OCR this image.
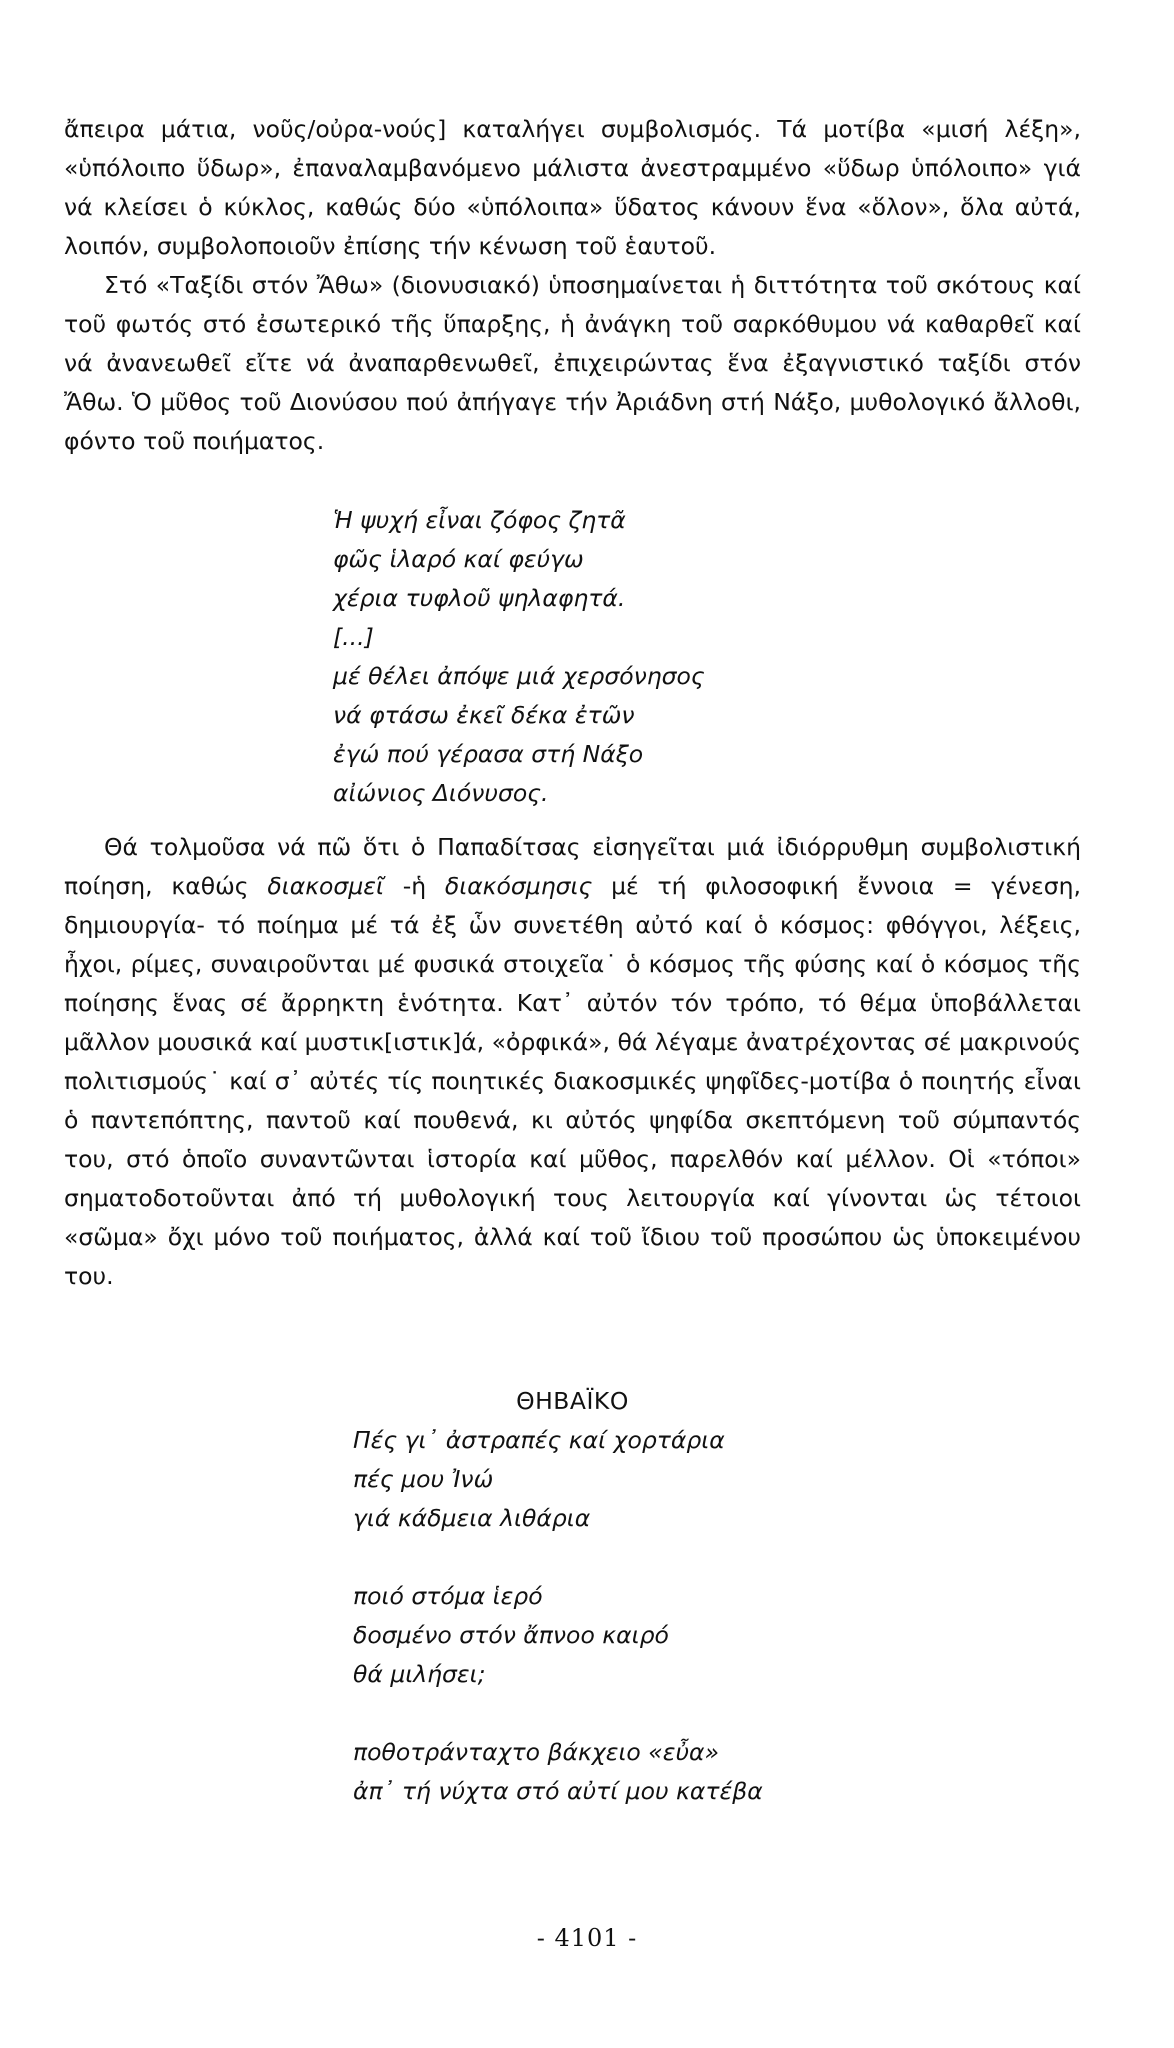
ἄπειρα μάτια, νοῦς/οὐρα-νούς] καταλήγει συμβολισμός. Τά μοτίβα «μισή λέξη», «ὑπόλοιπο ὕδωρ», ἐπαναλαμβανόμενο μάλιστα ἀνεστραμμένο «ὕδωρ ὑπόλοιπο» γιά νά κλείσει ὁ κύκλος, καθώς δύο «ὑπόλοιπα» ὕδατος κάνουν ἕνα «ὅλον», ὅλα αὐτά, λοιπόν, συμβολοποιοῦν ἐπίσης τήν κένωση τοῦ ἑαυτοῦ.

Στό «Ταξίδι στόν Ἄθω» (διονυσιακό) ὑποσημαίνεται ἡ διττότητα τοῦ σκότους καί τοῦ φωτός στό ἐσωτερικό τῆς ὕπαρξης, ἡ ἀνάγκη τοῦ σαρκόθυμου νά καθαρθεῖ καί νά ἀνανεωθεῖ εἴτε νά ἀναπαρθενωθεῖ, ἐπιχειρώντας ἕνα ἐξαγνιστικό ταξίδι στόν Ἄθω. Ὁ μῦθος τοῦ Διονύσου πού ἀπήγαγε τήν Ἀριάδνη στή Νάξο, μυθολογικό ἄλλοθι, φόντο τοῦ ποιήματος.

Ἡ ψυχή εἶναι ζόφος ζητᾶ
φῶς ἱλαρό καί φεύγω
χέρια τυφλοῦ ψηλαφητά.
[...]
μέ θέλει ἀπόψε μιά χερσόνησος
νά φτάσω ἐκεῖ δέκα ἐτῶν
ἐγώ πού γέρασα στή Νάξο
αἰώνιος Διόνυσος.

Θά τολμοῦσα νά πῶ ὅτι ὁ Παπαδίτσας εἰσηγεῖται μιά ἰδιόρρυθμη συμβολιστική ποίηση, καθώς διακοσμεῖ -ἡ διακόσμησις μέ τή φιλοσοφική ἔννοια = γένεση, δημιουργία- τό ποίημα μέ τά ἐξ ὧν συνετέθη αὐτό καί ὁ κόσμος: φθόγγοι, λέξεις, ἦχοι, ρίμες, συναιροῦνται μέ φυσικά στοιχεῖα˙ ὁ κόσμος τῆς φύσης καί ὁ κόσμος τῆς ποίησης ἕνας σέ ἄρρηκτη ἑνότητα. Κατ᾽ αὐτόν τόν τρόπο, τό θέμα ὑποβάλλεται μᾶλλον μουσικά καί μυστικ[ιστικ]ά, «ὀρφικά», θά λέγαμε ἀνατρέχοντας σέ μακρινούς πολιτισμούς˙ καί σ᾽ αὐτές τίς ποιητικές διακοσμικές ψηφῖδες-μοτίβα ὁ ποιητής εἶναι ὁ παντεπόπτης, παντοῦ καί πουθενά, κι αὐτός ψηφίδα σκεπτόμενη τοῦ σύμπαντός του, στό ὁποῖο συναντῶνται ἱστορία καί μῦθος, παρελθόν καί μέλλον. Οἱ «τόποι» σηματοδοτοῦνται ἀπό τή μυθολογική τους λειτουργία καί γίνονται ὡς τέτοιοι «σῶμα» ὄχι μόνο τοῦ ποιήματος, ἀλλά καί τοῦ ἴδιου τοῦ προσώπου ὡς ὑποκειμένου του.

ΘΗΒΑΪΚΟ
Πές γι᾽ ἀστραπές καί χορτάρια
πές μου Ἰνώ
γιά κάδμεια λιθάρια
ποιό στόμα ἱερό
δοσμένο στόν ἄπνοο καιρό
θά μιλήσει;
ποθοτράνταχτο βάκχειο «εὖα»
ἀπ᾽ τή νύχτα στό αὐτί μου κατέβα
- 4101 -
